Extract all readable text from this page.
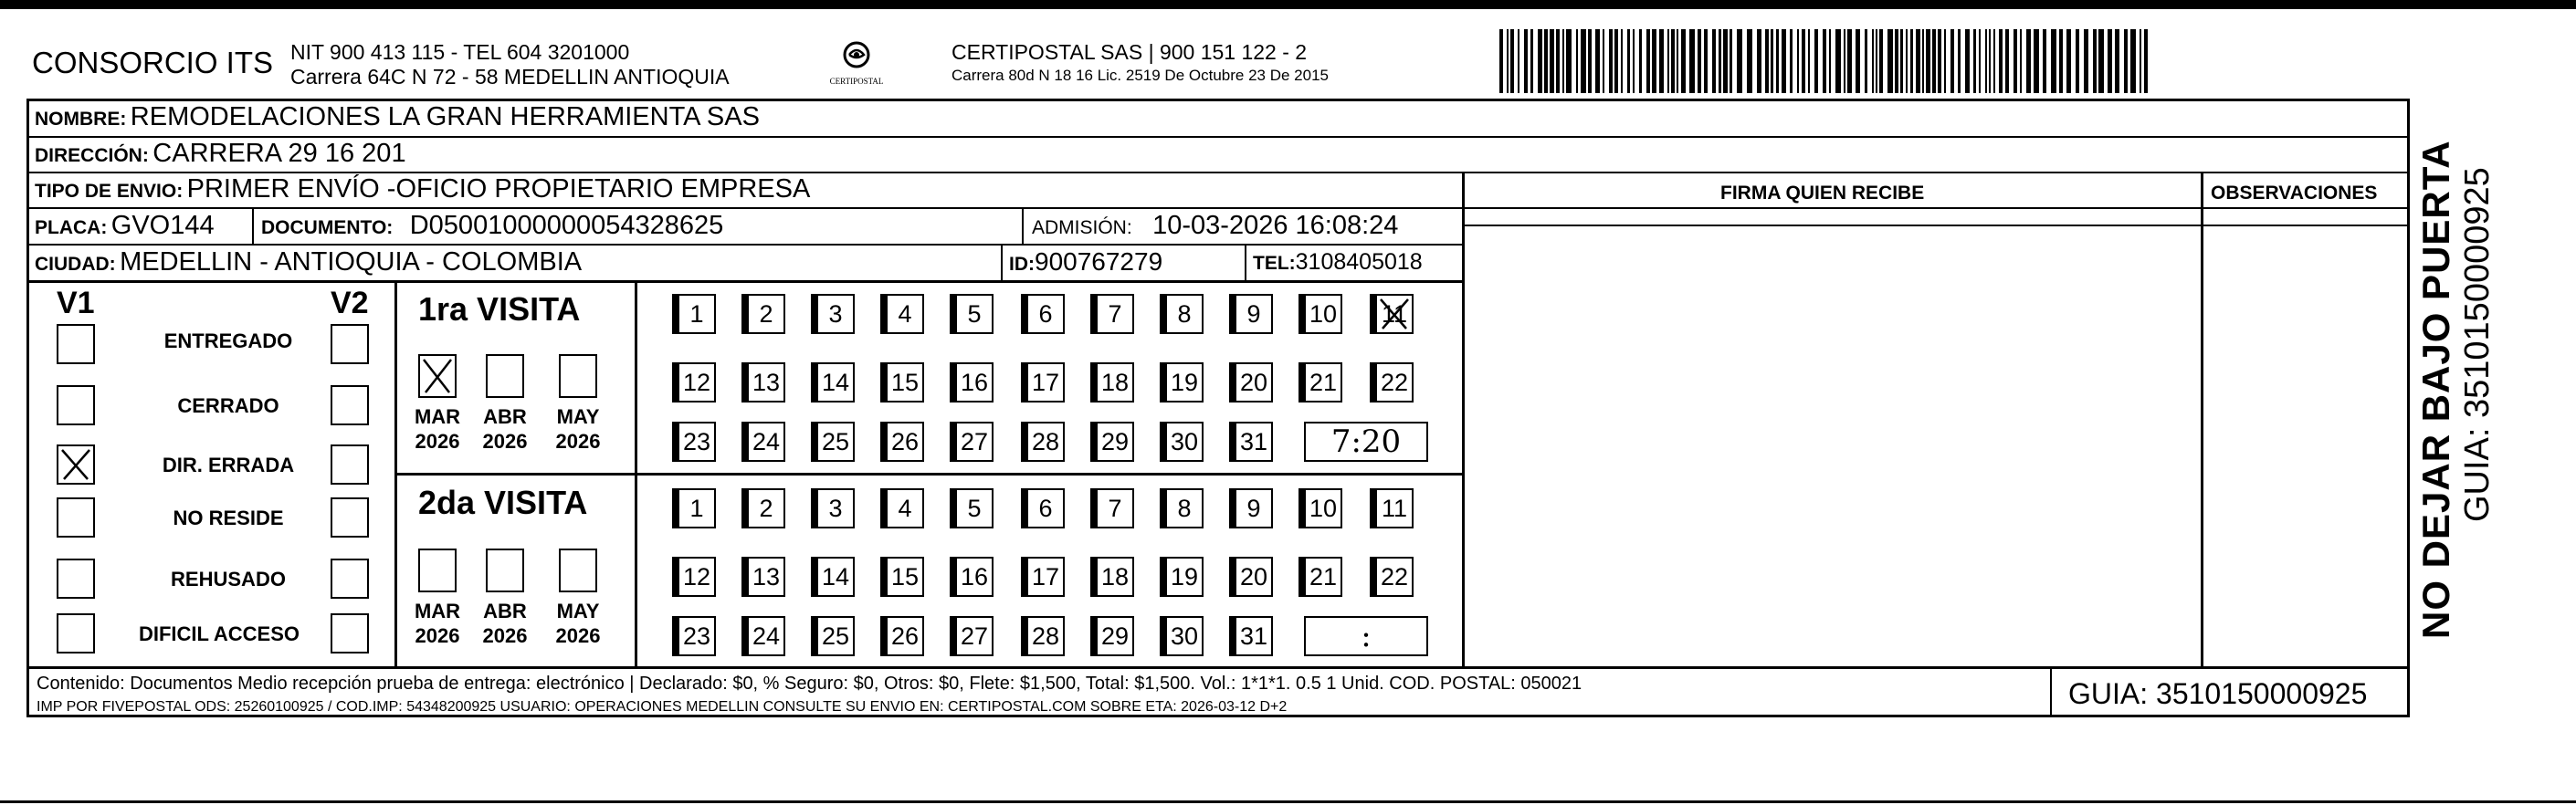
CONSORCIO ITS NIT 900 413 115 - TEL 604 3201000
Carrera 64C N 72 - 58 MEDELLIN ANTIOQUIA	CERTIPOSTAL
CERTIPOSTAL SAS | 900 151 122 - 2
Carrera 80d N 18 16 Lic. 2519 De Octubre 23 De 2015
NOMBRE: REMODELACIONES LA GRAN HERRAMIENTA SAS
DIRECCIÓN: CARRERA 29 16 201
TIPO DE ENVIO: PRIMER ENVÍO -OFICIO PROPIETARIO EMPRESA	FIRMA QUIEN RECIBE	OBSERVACIONES
PLACA: GVO144 DOCUMENTO: D05001000000054328625	ADMISIÓN: 10-03-2026 16:08:24
CIUDAD: MEDELLIN - ANTIOQUIA - COLOMBIA	ID:900767279	TEL:3108405018
V1	V2
ENTREGADO
CERRADO
DIR. ERRADA
NO RESIDE
REHUSADO
DIFICIL ACCESO
1ra VISITA
2da VISITA
MAR
2026
ABR
2026
MAY
2026
1 2 3 4 5 6 7 8 9 10 11
12 13 14 15 16 17 18 19 20 21 22
23 24 25 26 27 28 29 30 31 7:20
MAR
2026
ABR
2026
MAY
2026
1 2 3 4 5 6 7 8 9 10 11
12 13 14 15 16 17 18 19 20 21 22
23 24 25 26 27 28 29 30 31	:
Contenido: Documentos Medio recepción prueba de entrega: electrónico | Declarado: $0, % Seguro: $0, Otros: $0, Flete: $1,500, Total: $1,500. Vol.: 1*1*1. 0.5 1 Unid. COD. POSTAL: 050021
IMP POR FIVEPOSTAL ODS: 25260100925 / COD.IMP: 54348200925 USUARIO: OPERACIONES MEDELLIN CONSULTE SU ENVIO EN: CERTIPOSTAL.COM SOBRE ETA: 2026-03-12 D+2	GUIA: 3510150000925
NO DEJAR BAJO PUERTA GUIA: 3510150000925
